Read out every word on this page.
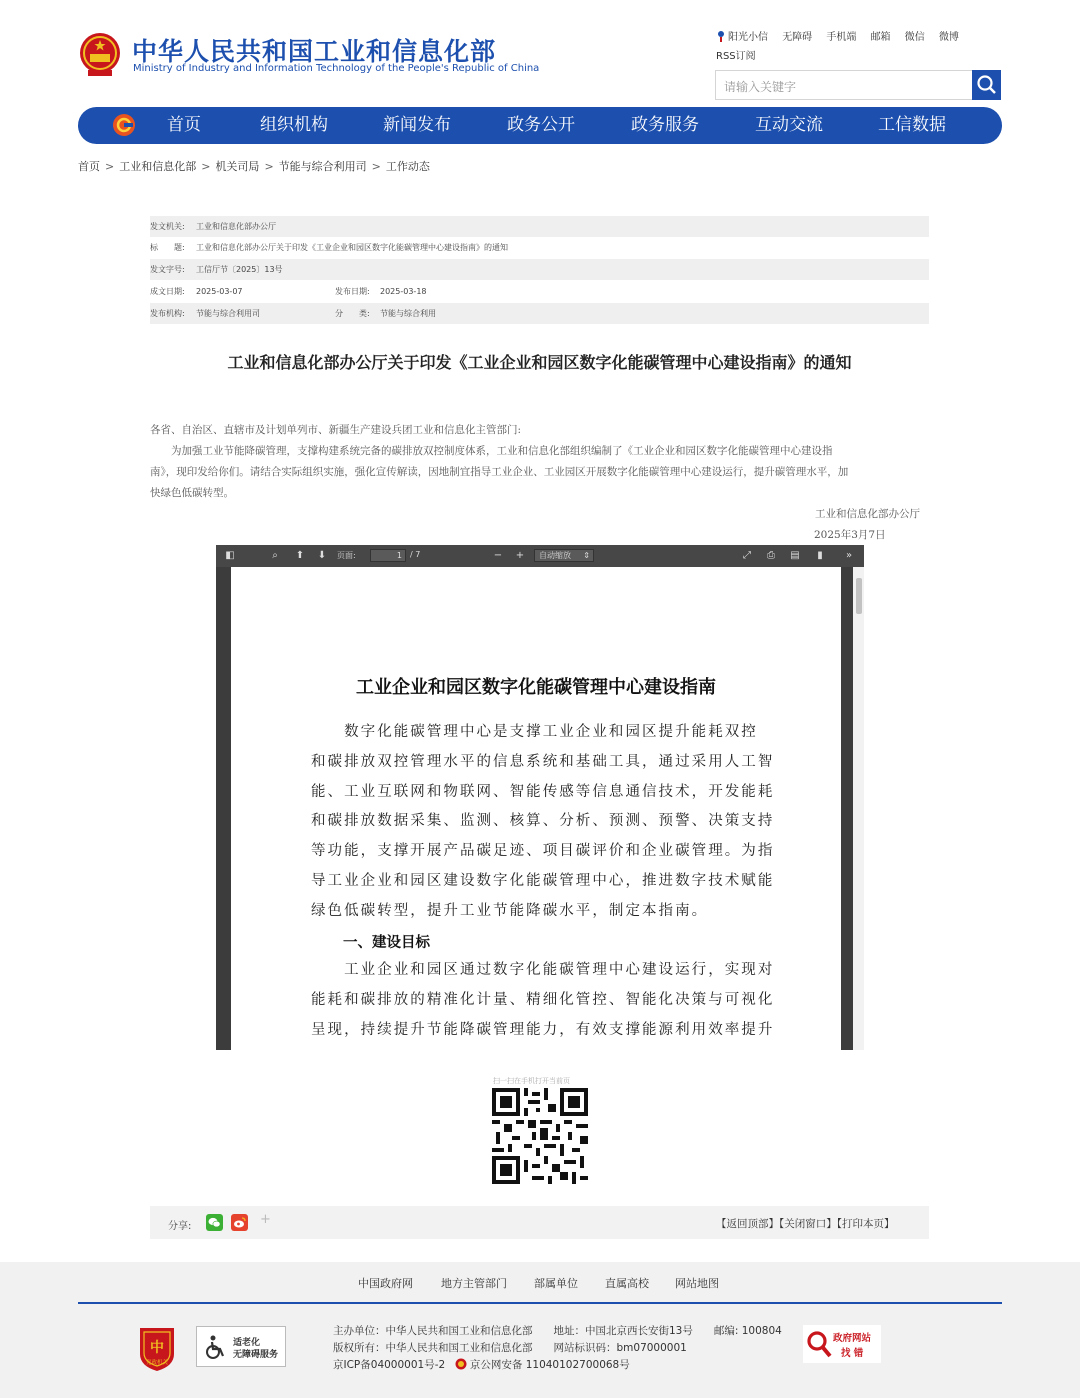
中华人民共和国工业和信息化部
Ministry of Industry and Information Technology of the People's Republic of China
阳光小信 无障碍 手机端 邮箱 微信 微博
RSS订阅
请输入关键字
首页	组织机构	新闻发布	政务公开	政务服务	互动交流	工信数据
首页 > 工业和信息化部 > 机关司局 > 节能与综合利用司 > 工作动态
发文机关: 工业和信息化部办公厅
标　　题: 工业和信息化部办公厅关于印发《工业企业和园区数字化能碳管理中心建设指南》的通知
发文字号: 工信厅节〔2025〕13号
成文日期: 2025-03-07	发布日期: 2025-03-18
发布机构: 节能与综合利用司	分　　类: 节能与综合利用
工业和信息化部办公厅关于印发《工业企业和园区数字化能碳管理中心建设指南》的通知
各省、自治区、直辖市及计划单列市、新疆生产建设兵团工业和信息化主管部门:
为加强工业节能降碳管理，支撑构建系统完备的碳排放双控制度体系，工业和信息化部组织编制了《工业企业和园区数字化能碳管理中心建设指
南》，现印发给你们。请结合实际组织实施，强化宣传解读，因地制宜指导工业企业、工业园区开展数字化能碳管理中心建设运行，提升碳管理水平，加
快绿色低碳转型。
工业和信息化部办公厅
2025年3月7日
◧	⌕	⬆ ⬇ 页面:	1	/ 7	− +	自动缩放 ⇕	⤢ ⎙ ▤	▮	»
工业企业和园区数字化能碳管理中心建设指南
　　数字化能碳管理中心是支撑工业企业和园区提升能耗双控
和碳排放双控管理水平的信息系统和基础工具，通过采用人工智
能、工业互联网和物联网、智能传感等信息通信技术，开发能耗
和碳排放数据采集、监测、核算、分析、预测、预警、决策支持
等功能，支撑开展产品碳足迹、项目碳评价和企业碳管理。为指
导工业企业和园区建设数字化能碳管理中心，推进数字技术赋能
绿色低碳转型，提升工业节能降碳水平，制定本指南。
一、建设目标
　　工业企业和园区通过数字化能碳管理中心建设运行，实现对
能耗和碳排放的精准化计量、精细化管控、智能化决策与可视化
呈现，持续提升节能降碳管理能力，有效支撑能源利用效率提升
扫一扫在手机打开当前页
分享:	+	【返回顶部】【关闭窗口】【打印本页】
中国政府网	地方主管部门 部属单位 直属高校 网站地图
中
党政机关
适老化
无障碍服务
主办单位：中华人民共和国工业和信息化部　　地址：中国北京西长安街13号　　邮编: 100804
版权所有：中华人民共和国工业和信息化部　　网站标识码：bm07000001
京ICP备04000001号-2 京公网安备 11040102700068号
政府网站
找 错
